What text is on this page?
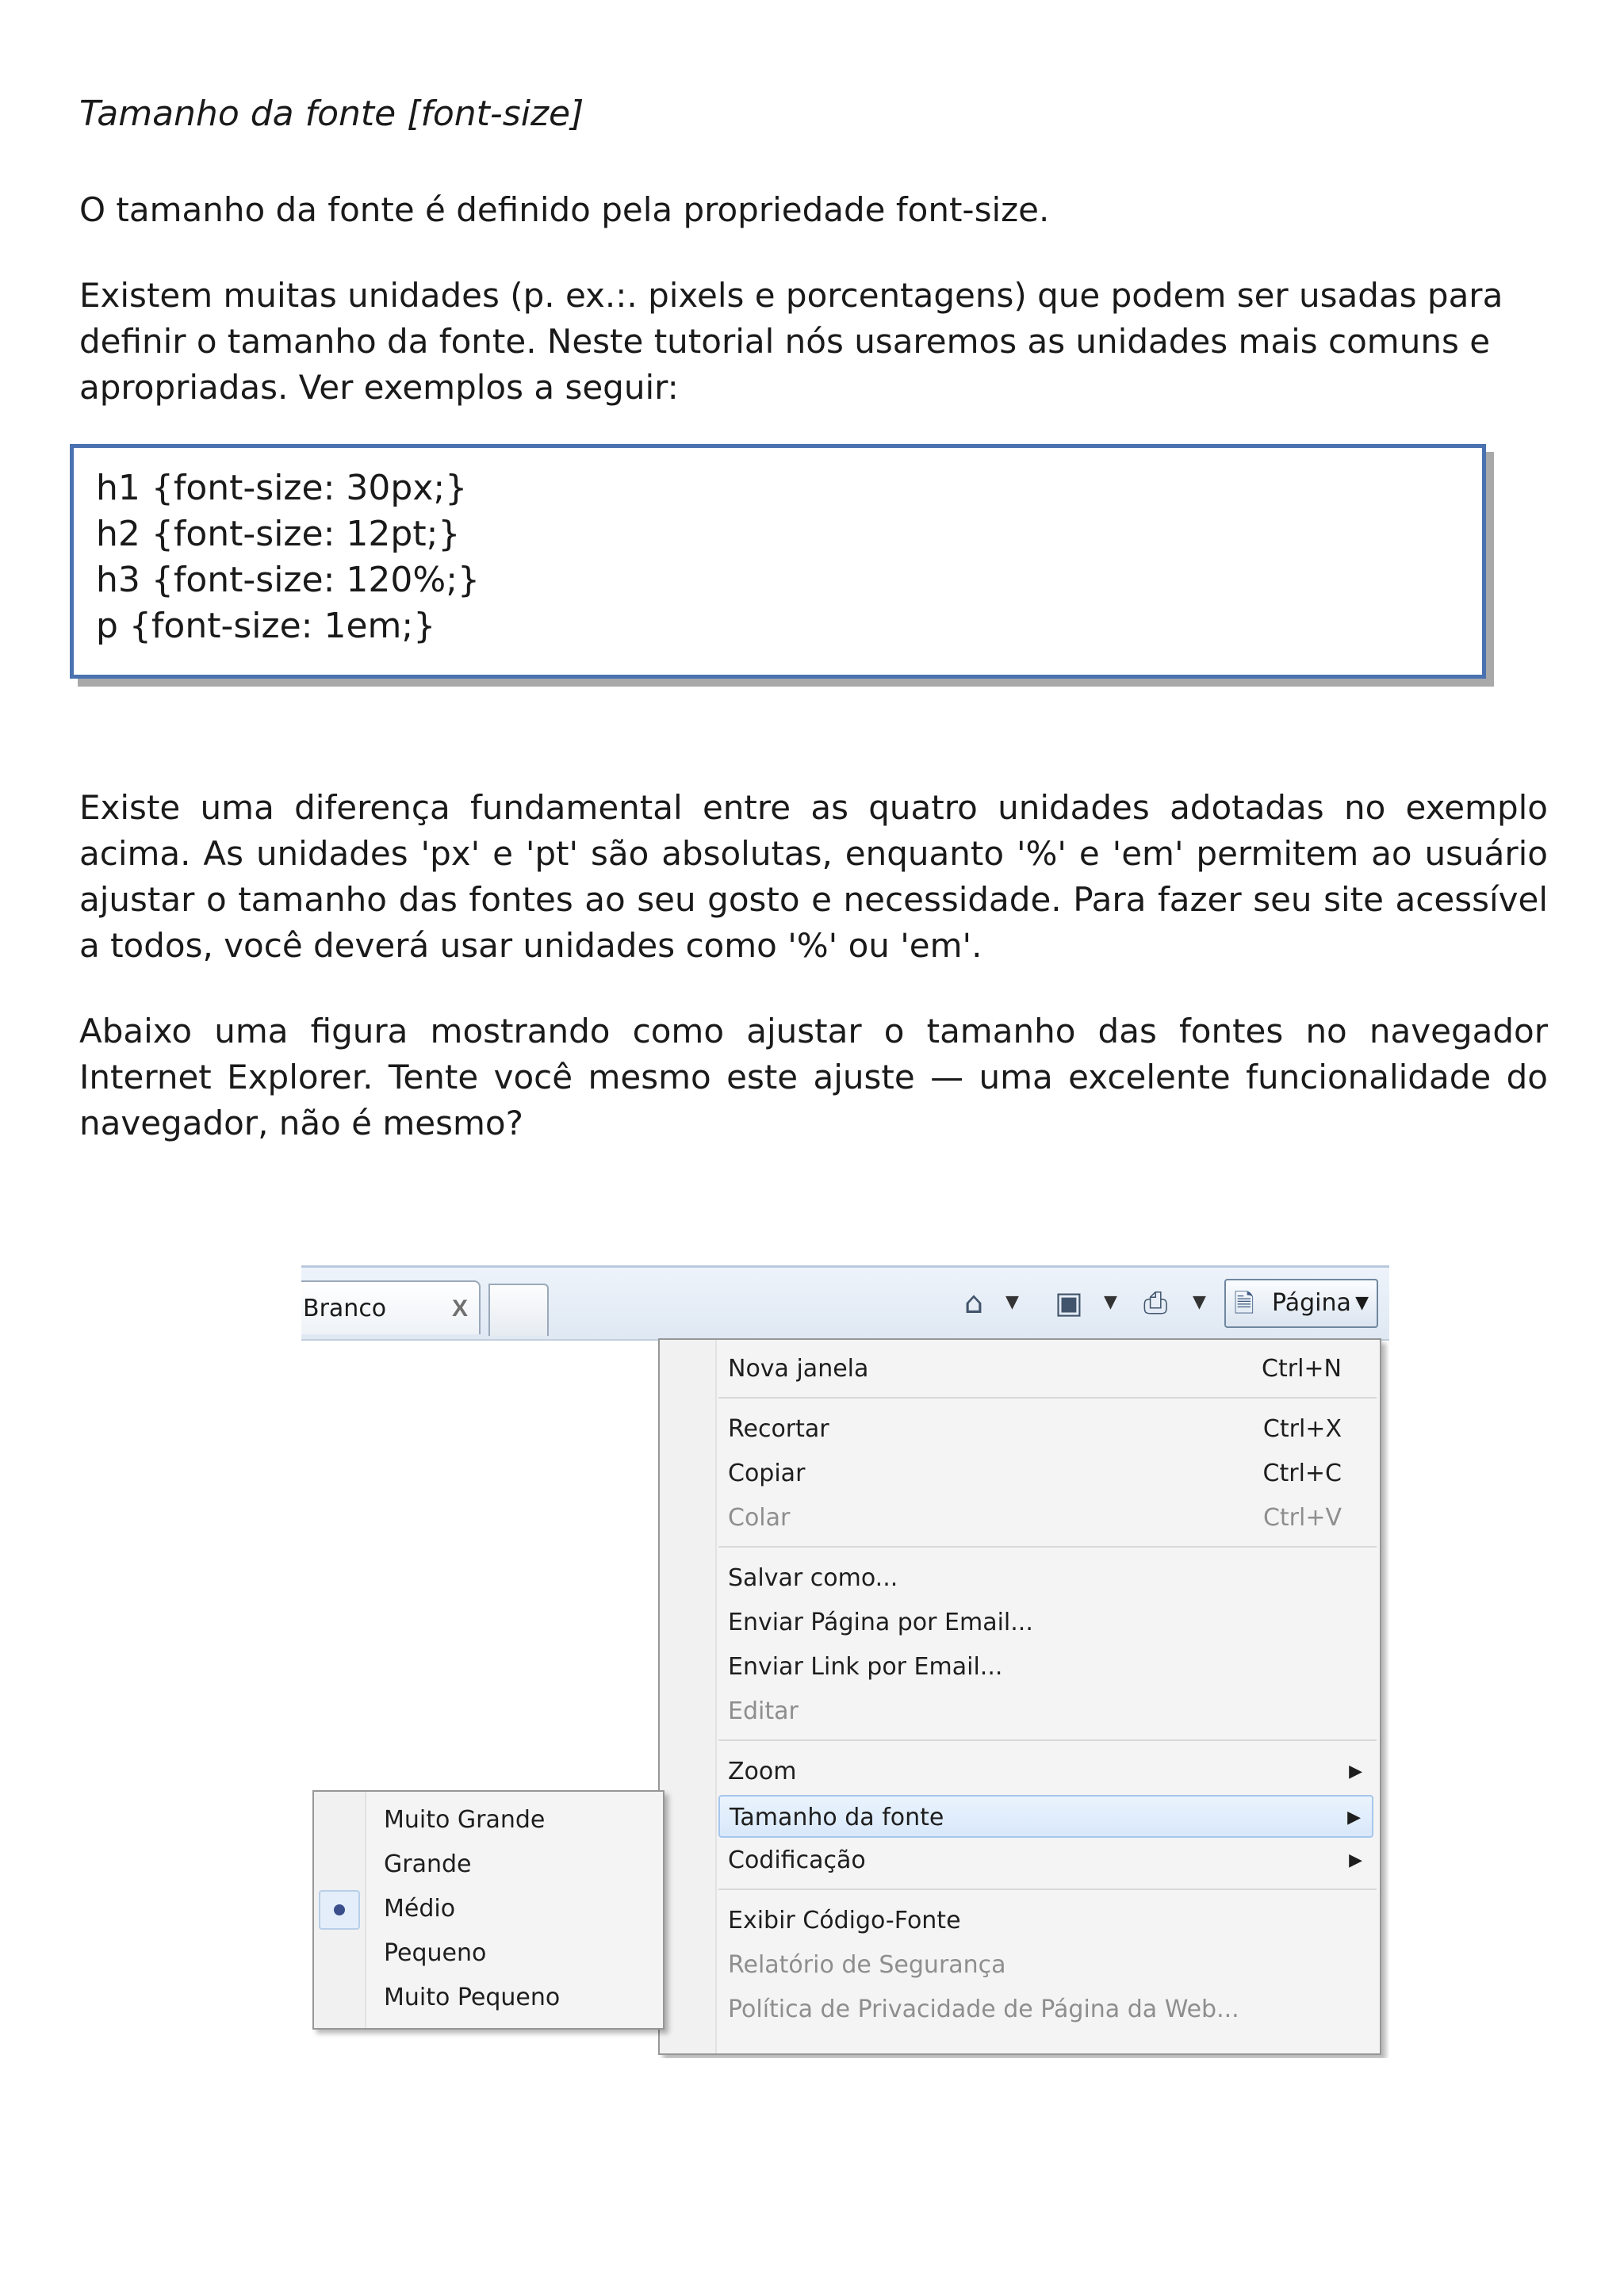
Tamanho da fonte [font-size]

O tamanho da fonte é definido pela propriedade font-size.

Existem muitas unidades (p. ex.:. pixels e porcentagens) que podem ser usadas para definir o tamanho da fonte. Neste tutorial nós usaremos as unidades mais comuns e apropriadas. Ver exemplos a seguir:

h1 {font-size: 30px;}
h2 {font-size: 12pt;}
h3 {font-size: 120%;}
p {font-size: 1em;}

Existe uma diferença fundamental entre as quatro unidades adotadas no exemplo acima. As unidades 'px' e 'pt' são absolutas, enquanto '%' e 'em' permitem ao usuário ajustar o tamanho das fontes ao seu gosto e necessidade. Para fazer seu site acessível a todos, você deverá usar unidades como '%' ou 'em'.

Abaixo uma figura mostrando como ajustar o tamanho das fontes no navegador Internet Explorer. Tente você mesmo este ajuste — uma excelente funcionalidade do navegador, não é mesmo?

Branco	X	⌂ ▼ ▣ ▼ ⎙ ▼ 🗎 Página ▼
Nova janela	Ctrl+N
Recortar	Ctrl+X
Copiar	Ctrl+C
Colar	Ctrl+V
Salvar como...
Enviar Página por Email...
Enviar Link por Email...
Editar
Zoom	▶
Tamanho da fonte	▶
Codificação	▶
Exibir Código-Fonte
Relatório de Segurança
Política de Privacidade de Página da Web...
Muito Grande
Grande
Médio
Pequeno
Muito Pequeno
